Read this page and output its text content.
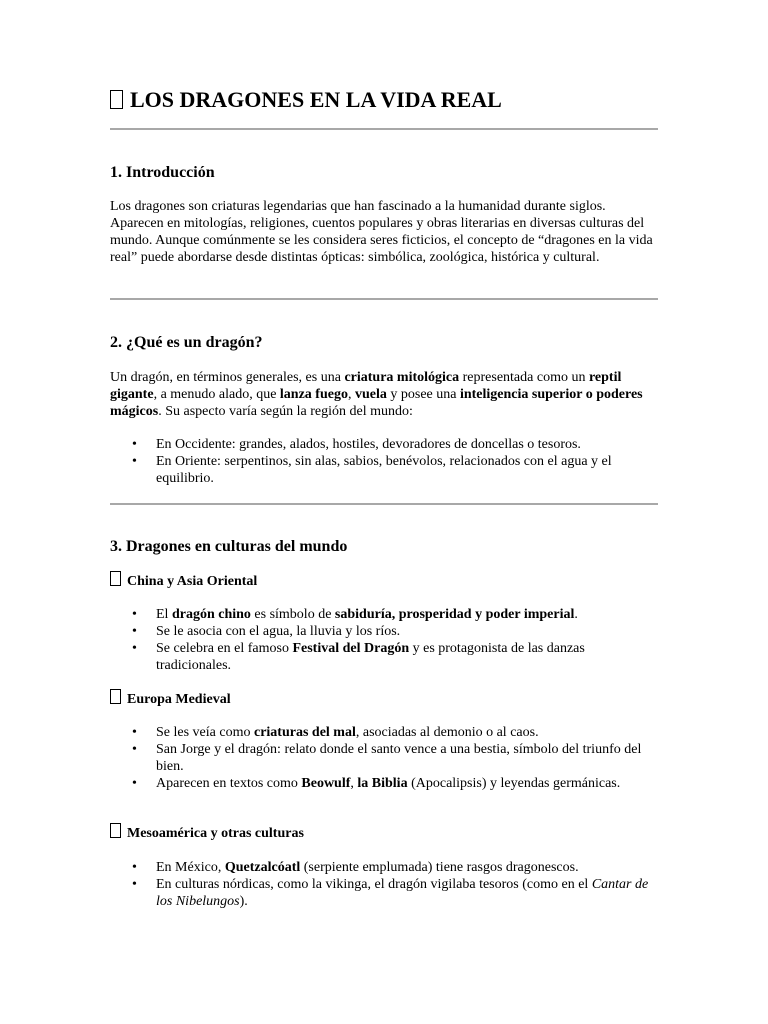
LOS DRAGONES EN LA VIDA REAL
1. Introducción

Los dragones son criaturas legendarias que han fascinado a la humanidad durante siglos. Aparecen en mitologías, religiones, cuentos populares y obras literarias en diversas culturas del mundo. Aunque comúnmente se les considera seres ficticios, el concepto de “dragones en la vida real” puede abordarse desde distintas ópticas: simbólica, zoológica, histórica y cultural.

2. ¿Qué es un dragón?

Un dragón, en términos generales, es una criatura mitológica representada como un reptil gigante, a menudo alado, que lanza fuego, vuela y posee una inteligencia superior o poderes mágicos. Su aspecto varía según la región del mundo:

• En Occidente: grandes, alados, hostiles, devoradores de doncellas o tesoros.
• En Oriente: serpentinos, sin alas, sabios, benévolos, relacionados con el agua y el equilibrio.
3. Dragones en culturas del mundo
China y Asia Oriental
• El dragón chino es símbolo de sabiduría, prosperidad y poder imperial.
• Se le asocia con el agua, la lluvia y los ríos.
• Se celebra en el famoso Festival del Dragón y es protagonista de las danzas tradicionales.
Europa Medieval
• Se les veía como criaturas del mal, asociadas al demonio o al caos.
• San Jorge y el dragón: relato donde el santo vence a una bestia, símbolo del triunfo del bien.
• Aparecen en textos como Beowulf, la Biblia (Apocalipsis) y leyendas germánicas.
Mesoamérica y otras culturas
• En México, Quetzalcóatl (serpiente emplumada) tiene rasgos dragonescos.
• En culturas nórdicas, como la vikinga, el dragón vigilaba tesoros (como en el Cantar de los Nibelungos).
